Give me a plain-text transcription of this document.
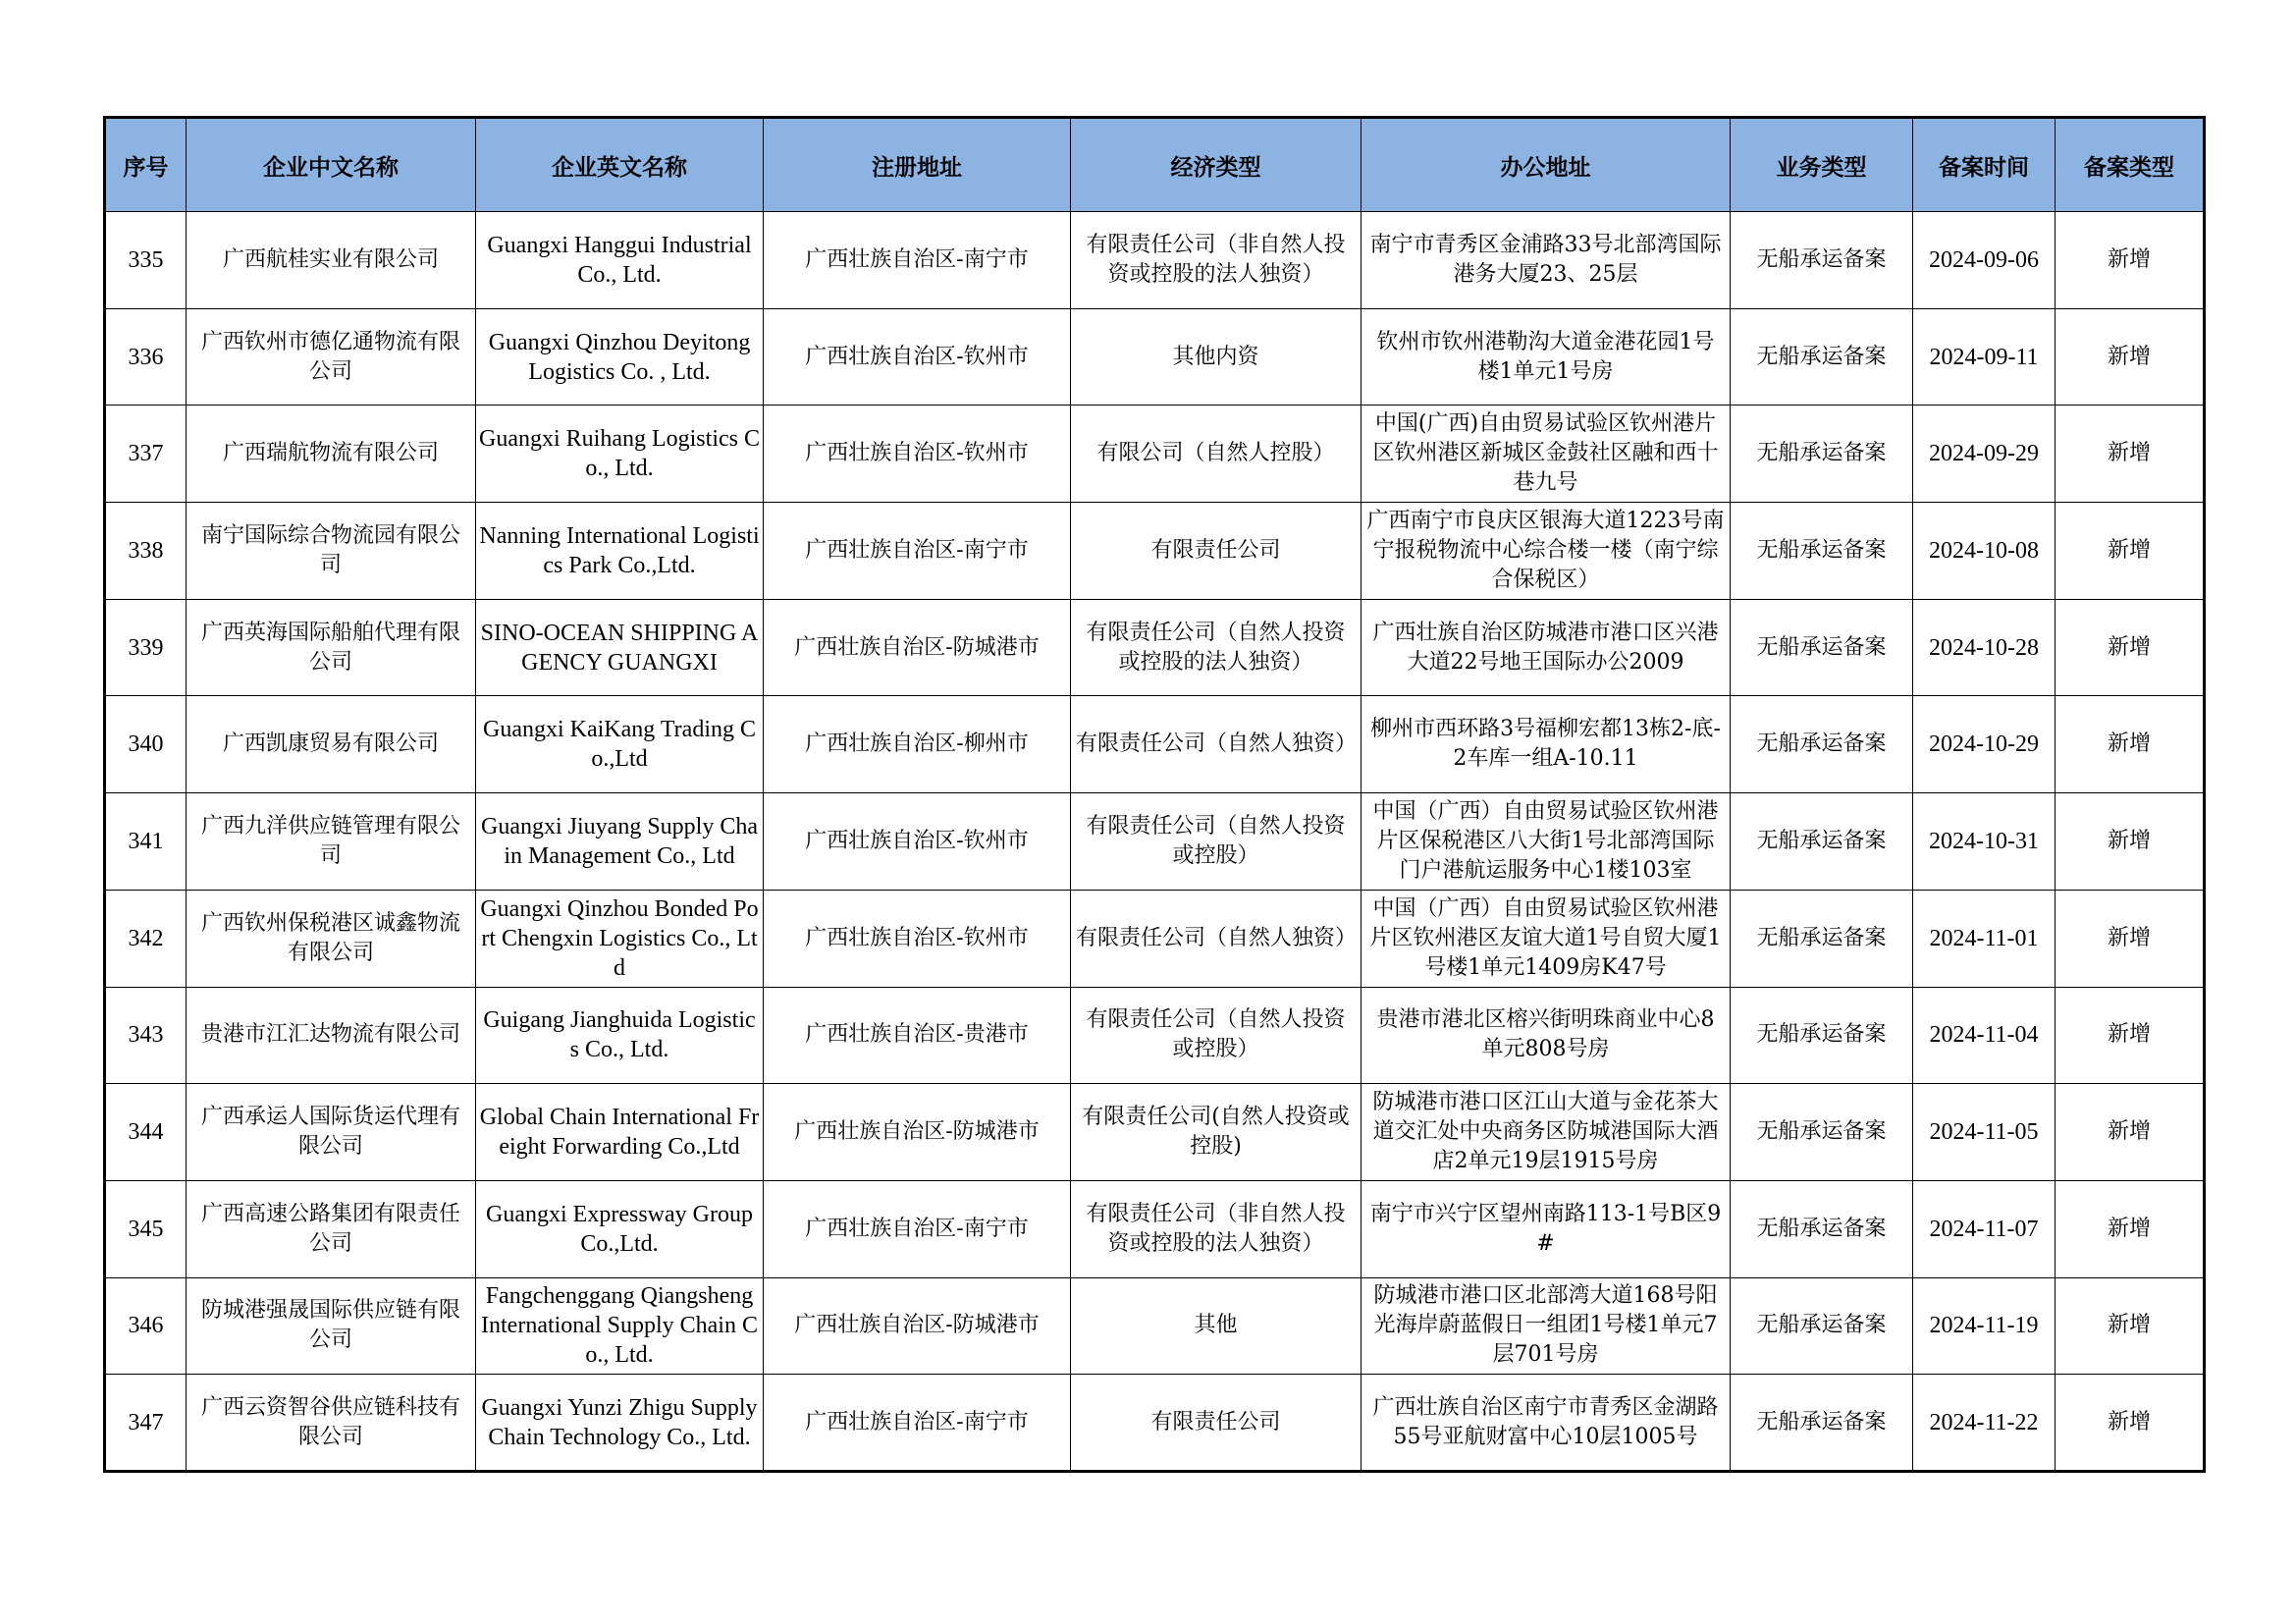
序号	企业中文名称	企业英文名称	注册地址	经济类型	办公地址	业务类型	备案时间	备案类型
335	广西航桂实业有限公司	Guangxi Hanggui Industrial Co., Ltd.	广西壮族自治区-南宁市	有限责任公司（非自然人投资或控股的法人独资）	南宁市青秀区金浦路33号北部湾国际港务大厦23、25层	无船承运备案	2024-09-06	新增
336	广西钦州市德亿通物流有限公司	Guangxi Qinzhou Deyitong Logistics Co. , Ltd.	广西壮族自治区-钦州市	其他内资	钦州市钦州港勒沟大道金港花园1号楼1单元1号房	无船承运备案	2024-09-11	新增
337	广西瑞航物流有限公司	Guangxi Ruihang Logistics Co., Ltd.	广西壮族自治区-钦州市	有限公司（自然人控股）	中国(广西)自由贸易试验区钦州港片区钦州港区新城区金鼓社区融和西十巷九号	无船承运备案	2024-09-29	新增
338	南宁国际综合物流园有限公司	Nanning International Logistics Park Co.,Ltd.	广西壮族自治区-南宁市	有限责任公司	广西南宁市良庆区银海大道1223号南宁报税物流中心综合楼一楼（南宁综合保税区）	无船承运备案	2024-10-08	新增
339	广西英海国际船舶代理有限公司	SINO-OCEAN SHIPPING AGENCY GUANGXI	广西壮族自治区-防城港市	有限责任公司（自然人投资或控股的法人独资）	广西壮族自治区防城港市港口区兴港大道22号地王国际办公2009	无船承运备案	2024-10-28	新增
340	广西凯康贸易有限公司	Guangxi KaiKang Trading Co.,Ltd	广西壮族自治区-柳州市	有限责任公司（自然人独资）	柳州市西环路3号福柳宏都13栋2-底-2车库一组A-10.11	无船承运备案	2024-10-29	新增
341	广西九洋供应链管理有限公司	Guangxi Jiuyang Supply Chain Management Co., Ltd	广西壮族自治区-钦州市	有限责任公司（自然人投资或控股）	中国（广西）自由贸易试验区钦州港片区保税港区八大街1号北部湾国际门户港航运服务中心1楼103室	无船承运备案	2024-10-31	新增
342	广西钦州保税港区诚鑫物流有限公司	Guangxi Qinzhou Bonded Port Chengxin Logistics Co., Ltd	广西壮族自治区-钦州市	有限责任公司（自然人独资）	中国（广西）自由贸易试验区钦州港片区钦州港区友谊大道1号自贸大厦1号楼1单元1409房K47号	无船承运备案	2024-11-01	新增
343	贵港市江汇达物流有限公司	Guigang Jianghuida Logistics Co., Ltd.	广西壮族自治区-贵港市	有限责任公司（自然人投资或控股）	贵港市港北区榕兴街明珠商业中心8单元808号房	无船承运备案	2024-11-04	新增
344	广西承运人国际货运代理有限公司	Global Chain International Freight Forwarding Co.,Ltd	广西壮族自治区-防城港市	有限责任公司(自然人投资或控股)	防城港市港口区江山大道与金花茶大道交汇处中央商务区防城港国际大酒店2单元19层1915号房	无船承运备案	2024-11-05	新增
345	广西高速公路集团有限责任公司	Guangxi Expressway Group Co.,Ltd.	广西壮族自治区-南宁市	有限责任公司（非自然人投资或控股的法人独资）	南宁市兴宁区望州南路113-1号B区9#	无船承运备案	2024-11-07	新增
346	防城港强晟国际供应链有限公司	Fangchenggang Qiangsheng International Supply Chain Co., Ltd.	广西壮族自治区-防城港市	其他	防城港市港口区北部湾大道168号阳光海岸蔚蓝假日一组团1号楼1单元7层701号房	无船承运备案	2024-11-19	新增
347	广西云资智谷供应链科技有限公司	Guangxi Yunzi Zhigu Supply Chain Technology Co., Ltd.	广西壮族自治区-南宁市	有限责任公司	广西壮族自治区南宁市青秀区金湖路55号亚航财富中心10层1005号	无船承运备案	2024-11-22	新增
